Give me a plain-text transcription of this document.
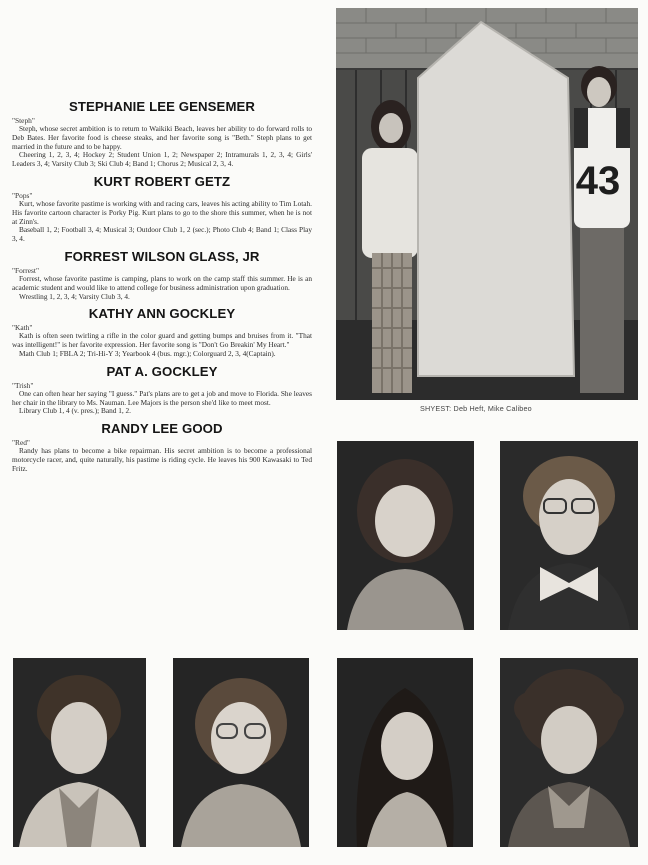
STEPHANIE LEE GENSEMER
"Steph"

Steph, whose secret ambition is to return to Waikiki Beach, leaves her ability to do forward rolls to Deb Bates. Her favorite food is cheese steaks, and her favorite song is "Beth." Steph plans to get married in the future and to be happy.

Cheering 1, 2, 3, 4; Hockey 2; Student Union 1, 2; Newspaper 2; Intramurals 1, 2, 3, 4; Girls' Leaders 3, 4; Varsity Club 3; Ski Club 4; Band 1; Chorus 2; Musical 2, 3, 4.

KURT ROBERT GETZ
"Pops"

Kurt, whose favorite pastime is working with and racing cars, leaves his acting ability to Tim Lotah. His favorite cartoon character is Porky Pig. Kurt plans to go to the shore this summer, when he is not at Zinn's.

Baseball 1, 2; Football 3, 4; Musical 3; Outdoor Club 1, 2 (sec.); Photo Club 4; Band 1; Class Play 3, 4.

FORREST WILSON GLASS, JR
"Forrest"

Forrest, whose favorite pastime is camping, plans to work on the camp staff this summer. He is an academic student and would like to attend college for business administration upon graduation.

Wrestling 1, 2, 3, 4; Varsity Club 3, 4.

KATHY ANN GOCKLEY
"Kath"

Kath is often seen twirling a rifle in the color guard and getting bumps and bruises from it. "That was intelligent!" is her favorite expression. Her favorite song is "Don't Go Breakin' My Heart."

Math Club 1; FBLA 2; Tri-Hi-Y 3; Yearbook 4 (bus. mgr.); Colorguard 2, 3, 4(Captain).

PAT A. GOCKLEY
"Trish"

One can often hear her saying "I guess." Pat's plans are to get a job and move to Florida. She leaves her chair in the library to Ms. Nauman. Lee Majors is the person she'd like to meet most.

Library Club 1, 4 (v. pres.); Band 1, 2.

RANDY LEE GOOD
"Red"

Randy has plans to become a bike repairman. His secret ambition is to become a professional motorcycle racer, and, quite naturally, his pastime is riding cycle. He leaves his 900 Kawasaki to Ted Fritz.

43
SHYEST: Deb Heft, Mike Calibeo
